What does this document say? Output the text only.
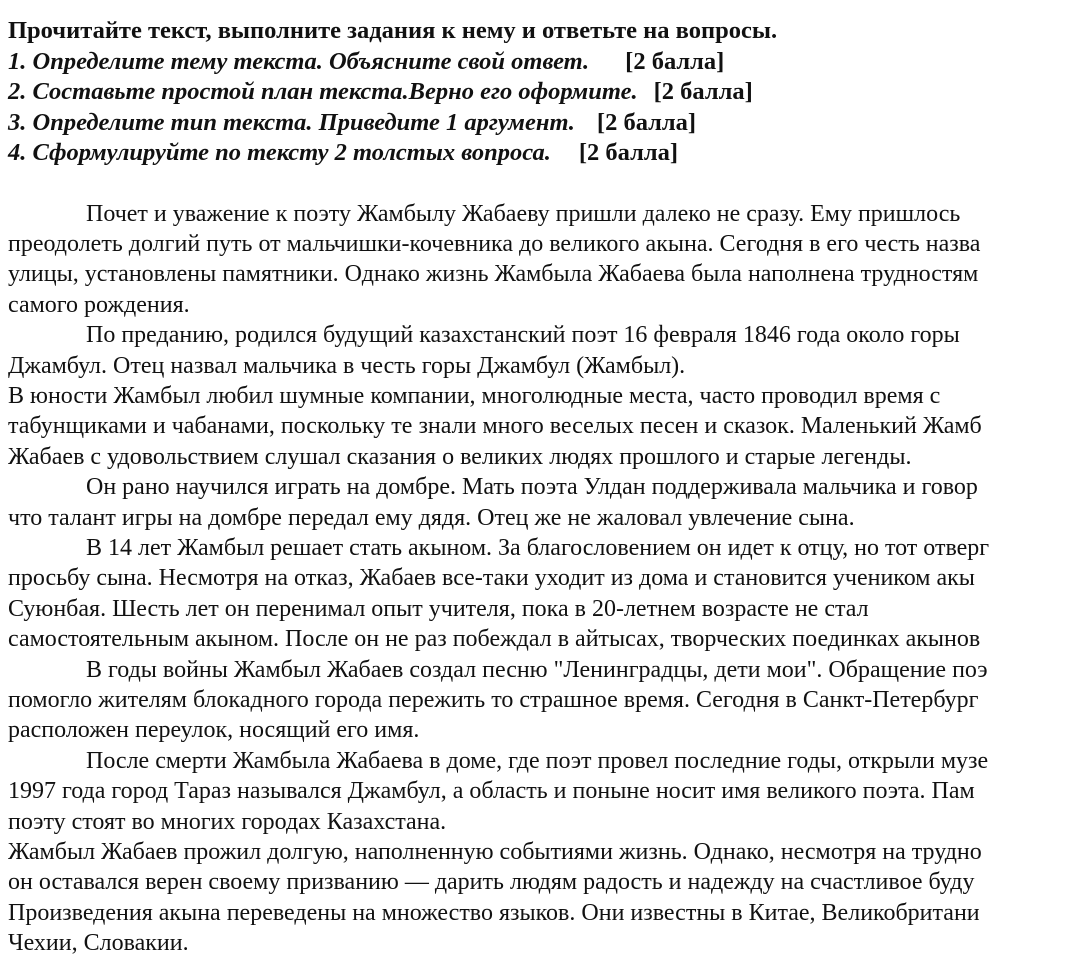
Прочитайте текст, выполните задания к нему и ответьте на вопросы.
1. Определите тему текста. Объясните свой ответ. [2 балла]
2. Составьте простой план текста.Верно его оформите. [2 балла]
3. Определите тип текста. Приведите 1 аргумент. [2 балла]
4. Сформулируйте по тексту 2 толстых вопроса. [2 балла]
Почет и уважение к поэту Жамбылу Жабаеву пришли далеко не сразу. Ему пришлось
преодолеть долгий путь от мальчишки-кочевника до великого акына. Сегодня в его честь назва
улицы, установлены памятники. Однако жизнь Жамбыла Жабаева была наполнена трудностям
самого рождения.
По преданию, родился будущий казахстанский поэт 16 февраля 1846 года около горы
Джамбул. Отец назвал мальчика в честь горы Джамбул (Жамбыл).
В юности Жамбыл любил шумные компании, многолюдные места, часто проводил время с
табунщиками и чабанами, поскольку те знали много веселых песен и сказок. Маленький Жамб
Жабаев с удовольствием слушал сказания о великих людях прошлого и старые легенды.
Он рано научился играть на домбре. Мать поэта Улдан поддерживала мальчика и говор
что талант игры на домбре передал ему дядя. Отец же не жаловал увлечение сына.
В 14 лет Жамбыл решает стать акыном. За благословением он идет к отцу, но тот отверг
просьбу сына. Несмотря на отказ, Жабаев все-таки уходит из дома и становится учеником акы
Суюнбая. Шесть лет он перенимал опыт учителя, пока в 20-летнем возрасте не стал
самостоятельным акыном. После он не раз побеждал в айтысах, творческих поединках акынов
В годы войны Жамбыл Жабаев создал песню "Ленинградцы, дети мои". Обращение поэ
помогло жителям блокадного города пережить то страшное время. Сегодня в Санкт-Петербург
расположен переулок, носящий его имя.
После смерти Жамбыла Жабаева в доме, где поэт провел последние годы, открыли музе
1997 года город Тараз назывался Джамбул, а область и поныне носит имя великого поэта. Пам
поэту стоят во многих городах Казахстана.
Жамбыл Жабаев прожил долгую, наполненную событиями жизнь. Однако, несмотря на трудно
он оставался верен своему призванию — дарить людям радость и надежду на счастливое буду
Произведения акына переведены на множество языков. Они известны в Китае, Великобритани
Чехии, Словакии.
